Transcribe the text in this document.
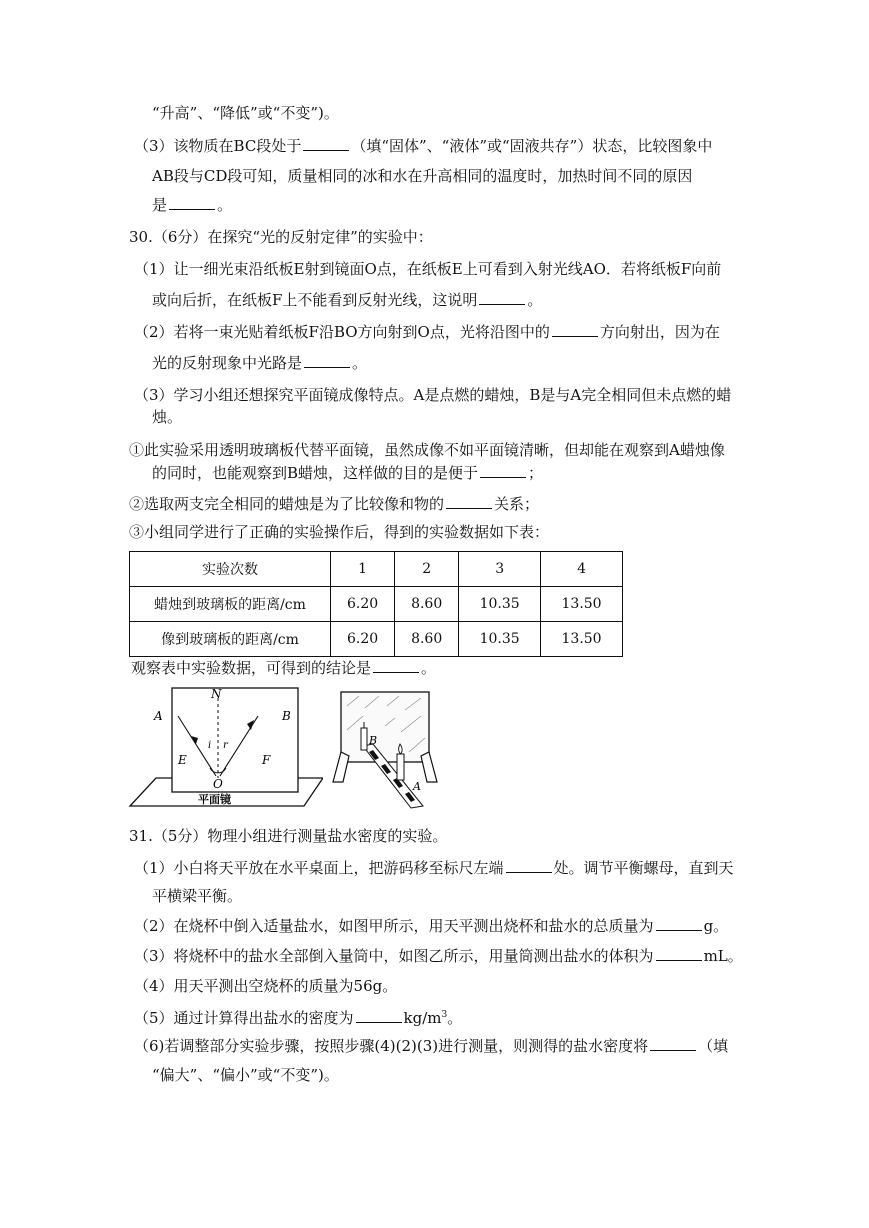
“升高”、“降低”或“不变”)。
（3）该物质在BC段处于	（填“固体”、“液体”或“固液共存”）状态，比较图象中
AB段与CD段可知，质量相同的冰和水在升高相同的温度时，加热时间不同的原因
是	。
30.（6分）在探究“光的反射定律”的实验中：
（1）让一细光束沿纸板E射到镜面O点，在纸板E上可看到入射光线AO．若将纸板F向前
或向后折，在纸板F上不能看到反射光线，这说明	。
（2）若将一束光贴着纸板F沿BO方向射到O点，光将沿图中的	方向射出，因为在
光的反射现象中光路是	。
（3）学习小组还想探究平面镜成像特点。A是点燃的蜡烛，B是与A完全相同但未点燃的蜡
烛。
①此实验采用透明玻璃板代替平面镜，虽然成像不如平面镜清晰，但却能在观察到A蜡烛像
的同时，也能观察到B蜡烛，这样做的目的是便于	；
②选取两支完全相同的蜡烛是为了比较像和物的	关系；
③小组同学进行了正确的实验操作后，得到的实验数据如下表：
实验次数	1	2	3	4
蜡烛到玻璃板的距离/cm	6.20	8.60	10.35	13.50
像到玻璃板的距离/cm	6.20	8.60	10.35	13.50
观察表中实验数据，可得到的结论是	。
N
A	B
E	F
i r
O
平面镜
B
A
31.（5分）物理小组进行测量盐水密度的实验。
（1）小白将天平放在水平桌面上，把游码移至标尺左端	处。调节平衡螺母，直到天
平横梁平衡。
（2）在烧杯中倒入适量盐水，如图甲所示，用天平测出烧杯和盐水的总质量为	g。
（3）将烧杯中的盐水全部倒入量筒中，如图乙所示，用量筒测出盐水的体积为	mL。
（4）用天平测出空烧杯的质量为56g。
（5）通过计算得出盐水的密度为	$kg/m^3$。
（6)若调整部分实验步骤，按照步骤(4)(2)(3)进行测量，则测得的盐水密度将	（填
“偏大”、“偏小”或“不变”)。
